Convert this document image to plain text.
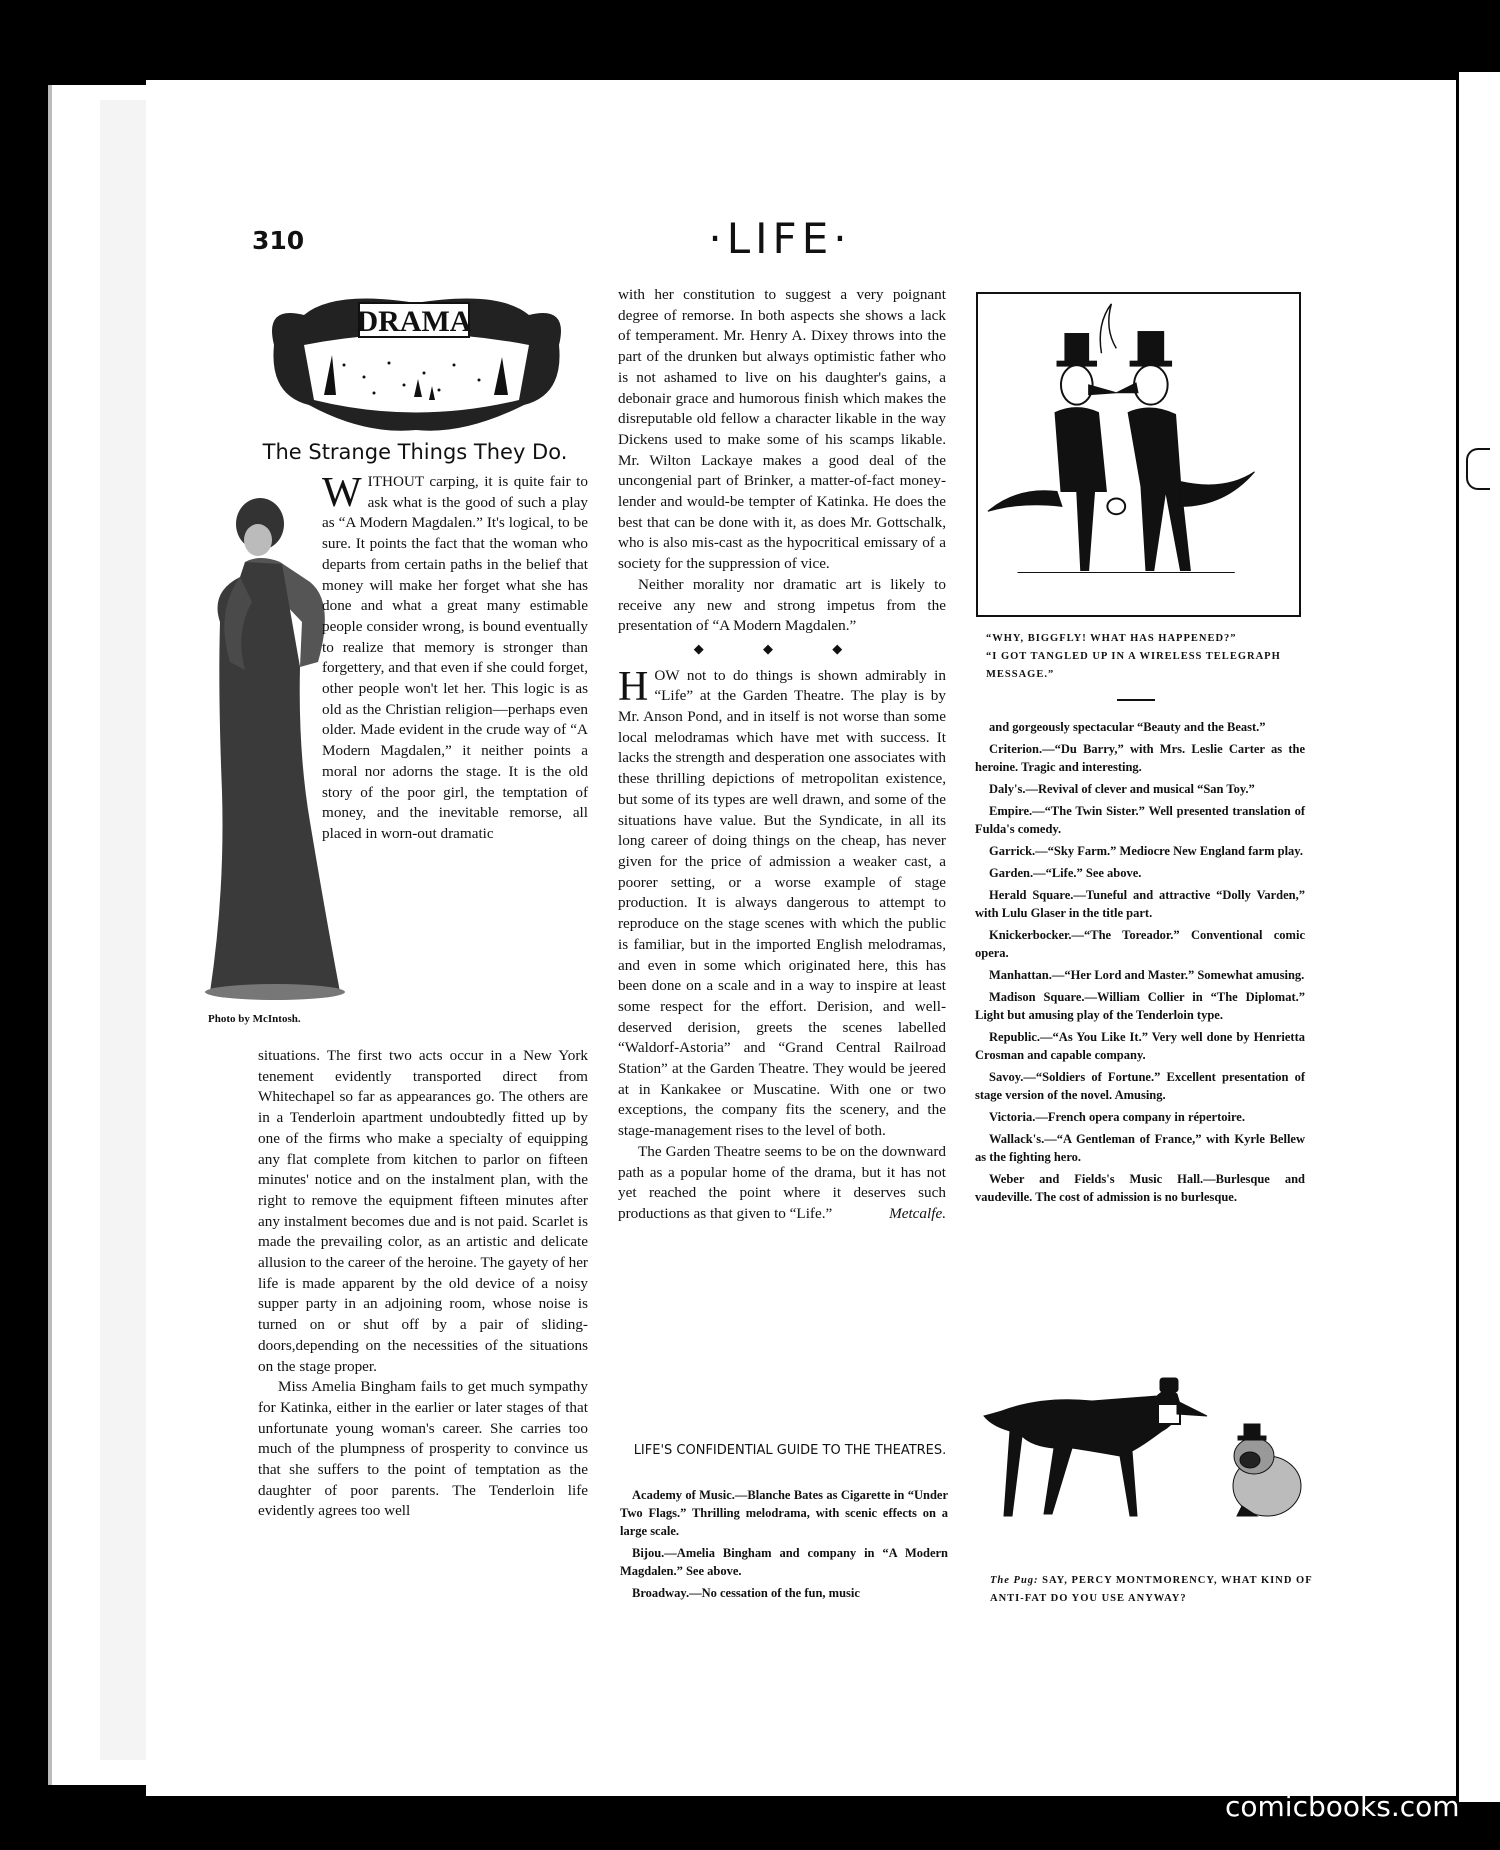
310	·LIFE·
DRAMA
The Strange Things They Do.
Photo by McIntosh.

W ITHOUT carping, it is quite fair to ask what is the good of such a play as “A Modern Magdalen.” It's logical, to be sure. It points the fact that the woman who departs from certain paths in the belief that money will make her forget what she has done and what a great many estimable people consider wrong, is bound eventually to realize that memory is stronger than forgettery, and that even if she could forget, other people won't let her. This logic is as old as the Christian religion—perhaps even older. Made evident in the crude way of “A Modern Magdalen,” it neither points a moral nor adorns the stage. It is the old story of the poor girl, the temptation of money, and the inevitable remorse, all placed in worn-out dramatic

situations. The first two acts occur in a New York tenement evidently transported direct from Whitechapel so far as appearances go. The others are in a Tenderloin apartment undoubtedly fitted up by one of the firms who make a specialty of equipping any flat complete from kitchen to parlor on fifteen minutes' notice and on the instalment plan, with the right to remove the equipment fifteen minutes after any instalment becomes due and is not paid. Scarlet is made the prevailing color, as an artistic and delicate allusion to the career of the heroine. The gayety of her life is made apparent by the old device of a noisy supper party in an adjoining room, whose noise is turned on or shut off by a pair of sliding-doors,depending on the necessities of the situations on the stage proper.

Miss Amelia Bingham fails to get much sympathy for Katinka, either in the earlier or later stages of that unfortunate young woman's career. She carries too much of the plumpness of prosperity to convince us that she suffers to the point of temptation as the daughter of poor parents. The Tenderloin life evidently agrees too well

with her constitution to suggest a very poignant degree of remorse. In both aspects she shows a lack of temperament. Mr. Henry A. Dixey throws into the part of the drunken but always optimistic father who is not ashamed to live on his daughter's gains, a debonair grace and humorous finish which makes the disreputable old fellow a character likable in the way Dickens used to make some of his scamps likable. Mr. Wilton Lackaye makes a good deal of the uncongenial part of Brinker, a matter-of-fact money-lender and would-be tempter of Katinka. He does the best that can be done with it, as does Mr. Gottschalk, who is also mis-cast as the hypocritical emissary of a society for the suppression of vice.

Neither morality nor dramatic art is likely to receive any new and strong impetus from the presentation of “A Modern Magdalen.”

◆ ◆ ◆

H OW not to do things is shown admirably in “Life” at the Garden Theatre. The play is by Mr. Anson Pond, and in itself is not worse than some local melodramas which have met with success. It lacks the strength and desperation one associates with these thrilling depictions of metropolitan existence, but some of its types are well drawn, and some of the situations have value. But the Syndicate, in all its long career of doing things on the cheap, has never given for the price of admission a weaker cast, a poorer setting, or a worse example of stage production. It is always dangerous to attempt to reproduce on the stage scenes with which the public is familiar, but in the imported English melodramas, and even in some which originated here, this has been done on a scale and in a way to inspire at least some respect for the effort. Derision, and well-deserved derision, greets the scenes labelled “Waldorf-Astoria” and “Grand Central Railroad Station” at the Garden Theatre. They would be jeered at in Kankakee or Muscatine. With one or two exceptions, the company fits the scenery, and the stage-management rises to the level of both.

The Garden Theatre seems to be on the downward path as a popular home of the drama, but it has not yet reached the point where it deserves such productions as that given to “Life.”	Metcalfe.

LIFE'S CONFIDENTIAL GUIDE TO THE THEATRES.

Academy of Music.—Blanche Bates as Cigarette in “Under Two Flags.” Thrilling melodrama, with scenic effects on a large scale.

Bijou.—Amelia Bingham and company in “A Modern Magdalen.” See above.

Broadway.—No cessation of the fun, music

“WHY, BIGGFLY! WHAT HAS HAPPENED?”
“I GOT TANGLED UP IN A WIRELESS TELEGRAPH MESSAGE.”

and gorgeously spectacular “Beauty and the Beast.”

Criterion.—“Du Barry,” with Mrs. Leslie Carter as the heroine. Tragic and interesting.

Daly's.—Revival of clever and musical “San Toy.”

Empire.—“The Twin Sister.” Well presented translation of Fulda's comedy.

Garrick.—“Sky Farm.” Mediocre New England farm play.

Garden.—“Life.” See above.

Herald Square.—Tuneful and attractive “Dolly Varden,” with Lulu Glaser in the title part.

Knickerbocker.—“The Toreador.” Conventional comic opera.

Manhattan.—“Her Lord and Master.” Somewhat amusing.

Madison Square.—William Collier in “The Diplomat.” Light but amusing play of the Tenderloin type.

Republic.—“As You Like It.” Very well done by Henrietta Crosman and capable company.

Savoy.—“Soldiers of Fortune.” Excellent presentation of stage version of the novel. Amusing.

Victoria.—French opera company in répertoire.

Wallack's.—“A Gentleman of France,” with Kyrle Bellew as the fighting hero.

Weber and Fields's Music Hall.—Burlesque and vaudeville. The cost of admission is no burlesque.

The Pug: SAY, PERCY MONTMORENCY, WHAT KIND OF ANTI-FAT DO YOU USE ANYWAY?
comicbooks.com
